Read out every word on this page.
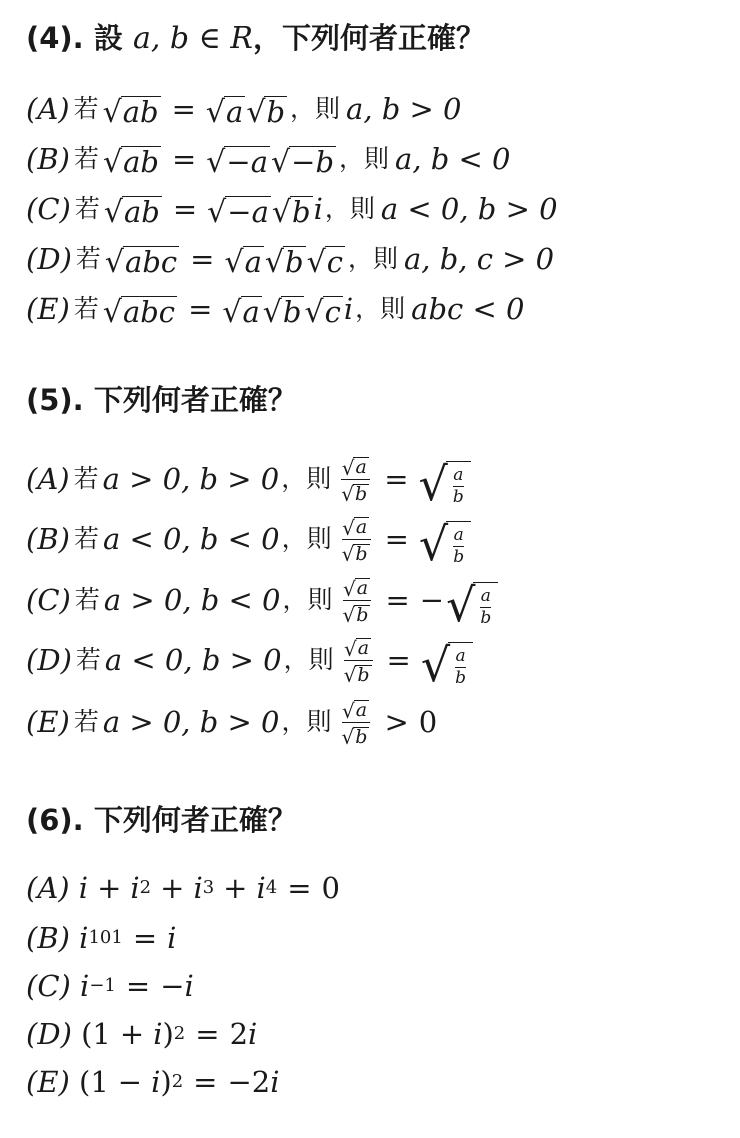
(4). 設 a, b ∈ R，下列何者正確？
(A) 若 √ ab = √ a √ b ，則 a, b > 0
(B) 若 √ ab = √ −a √ −b ，則 a, b < 0
(C) 若 √ ab = √ −a √ b i ，則 a < 0, b > 0
(D) 若 √ abc = √ a √ b √ c ，則 a, b, c > 0
(E) 若 √ abc = √ a √ b √ c i ，則 abc < 0
(5). 下列何者正確？
(A) 若 a > 0, b > 0 ，則 $\frac{√ a}{√ b}$ = √ $\frac{a}{b}$
(B) 若 a < 0, b < 0 ，則 $\frac{√ a}{√ b}$ = √ $\frac{a}{b}$
(C) 若 a > 0, b < 0 ，則 $\frac{√ a}{√ b}$ = − √ $\frac{a}{b}$
(D) 若 a < 0, b > 0 ，則 $\frac{√ a}{√ b}$ = √ $\frac{a}{b}$
(E) 若 a > 0, b > 0 ，則 $\frac{√ a}{√ b} > 0$
(6). 下列何者正確？
(A)
i + i 2 + i 3 + i 4 = 0
(B)
i 101 = i
(C)
i −1 = − i
(D)
(1 + i ) 2 = 2 i
(E)
(1 − i ) 2 = −2 i
